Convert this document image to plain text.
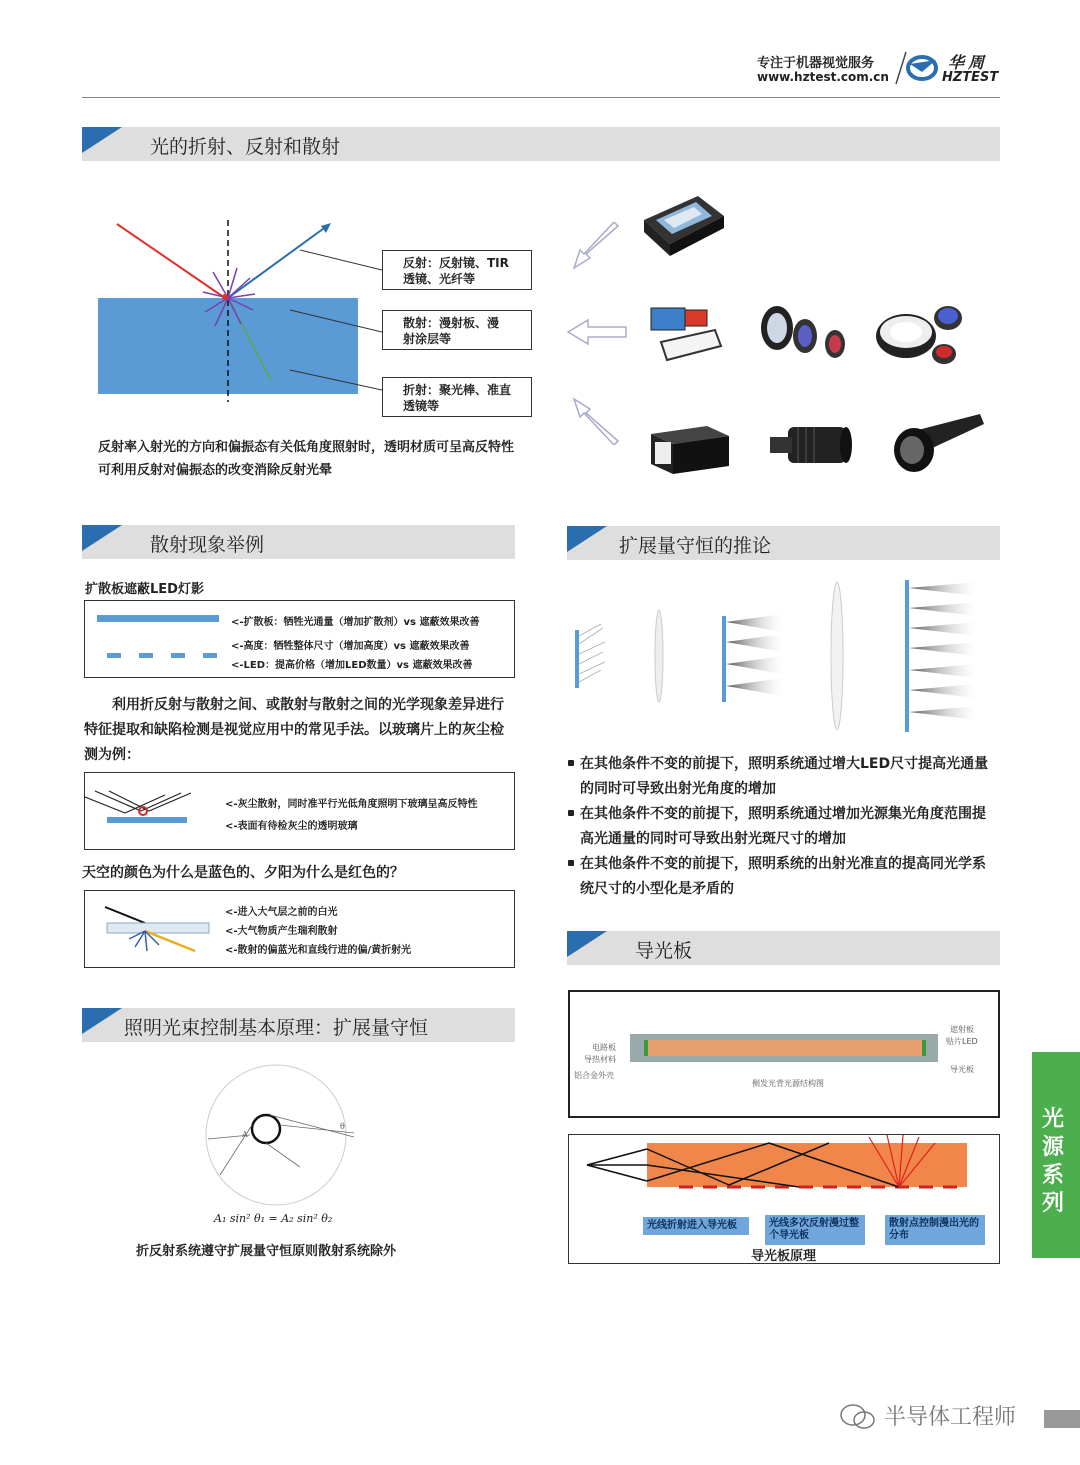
专注于机器视觉服务
www.hztest.com.cn
华周
HZTEST
光的折射、反射和散射
反射：反射镜、TIR
透镜、光纤等
散射：漫射板、漫
射涂层等
折射：聚光棒、准直
透镜等
反射率入射光的方向和偏振态有关低角度照射时，透明材质可呈高反特性
可利用反射对偏振态的改变消除反射光晕
散射现象举例
扩散板遮蔽LED灯影
<-扩散板：牺牲光通量（增加扩散剂）vs 遮蔽效果改善
<-高度：牺牲整体尺寸（增加高度）vs 遮蔽效果改善
<-LED：提高价格（增加LED数量）vs 遮蔽效果改善
利用折反射与散射之间、或散射与散射之间的光学现象差异进行特征提取和缺陷检测是视觉应用中的常见手法。以玻璃片上的灰尘检测为例：
<-灰尘散射，同时准平行光低角度照明下玻璃呈高反特性
<-表面有待检灰尘的透明玻璃
天空的颜色为什么是蓝色的、夕阳为什么是红色的？
<-进入大气层之前的白光
<-大气物质产生瑞利散射
<-散射的偏蓝光和直线行进的偏/黄折射光
照明光束控制基本原理：扩展量守恒
A
θ
A₁ sin² θ₁ = A₂ sin² θ₂
折反射系统遵守扩展量守恒原则散射系统除外
扩展量守恒的推论
在其他条件不变的前提下，照明系统通过增大LED尺寸提高光通量的同时可导致出射光角度的增加
在其他条件不变的前提下，照明系统通过增加光源集光角度范围提高光通量的同时可导致出射光斑尺寸的增加
在其他条件不变的前提下，照明系统的出射光准直的提高同光学系统尺寸的小型化是矛盾的
导光板
电路板
导热材料
铝合金外壳
遮射板
贴片LED
导光板
侧发光背光源结构图
光线折射进入导光板	光线多次反射漫过整个导光板
散射点控制漫出光的分布
导光板原理
光源系列
半导体工程师
